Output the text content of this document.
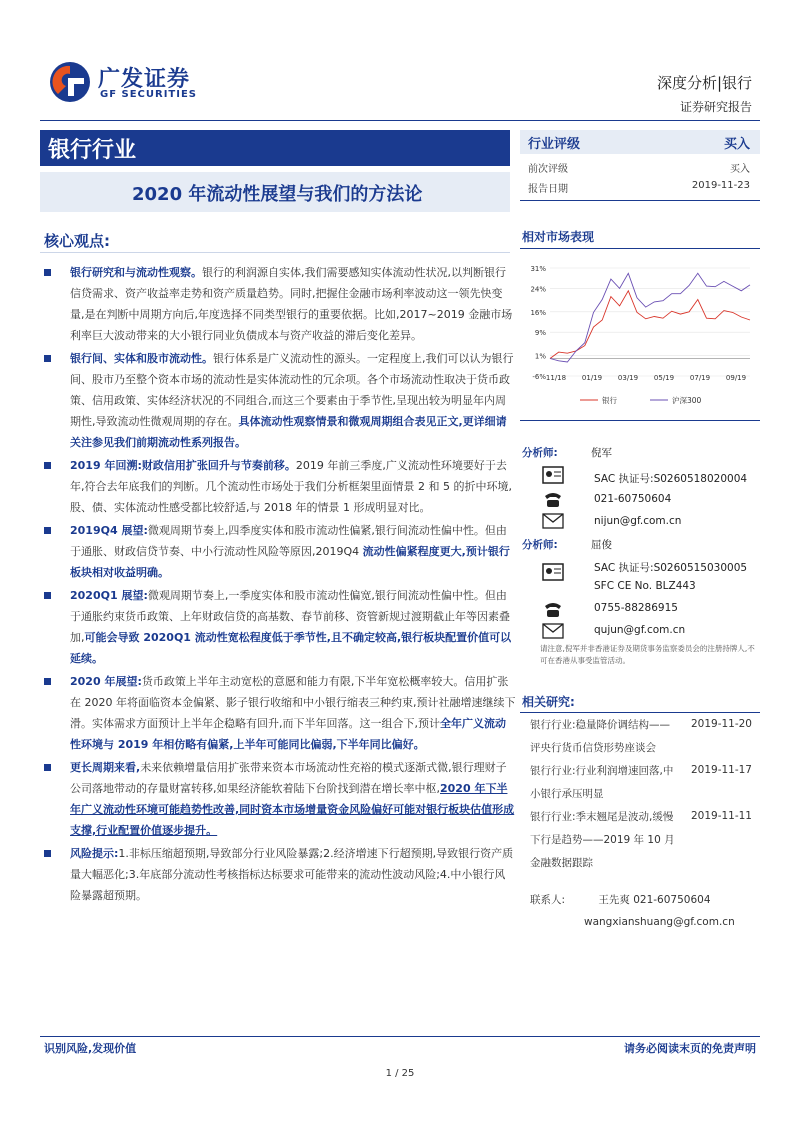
广发证券
GF SECURITIES
深度分析|银行
证券研究报告
银行行业
2020 年流动性展望与我们的方法论
行业评级	买入
前次评级	买入
报告日期	2019-11-23
核心观点:
银行研究和与流动性观察。银行的利润源自实体,我们需要感知实体流动性状况,以判断银行信贷需求、资产收益率走势和资产质量趋势。同时,把握住金融市场利率波动这一领先快变量,是在判断中周期方向后,年度选择不同类型银行的重要依据。比如,2017~2019 金融市场利率巨大波动带来的大小银行同业负债成本与资产收益的滞后变化差异。
银行间、实体和股市流动性。银行体系是广义流动性的源头。一定程度上,我们可以认为银行间、股市乃至整个资本市场的流动性是实体流动性的冗余项。各个市场流动性取决于货币政策、信用政策、实体经济状况的不同组合,而这三个要素由于季节性,呈现出较为明显年内周期性,导致流动性微观周期的存在。具体流动性观察情景和微观周期组合表见正文,更详细请关注参见我们前期流动性系列报告。
2019 年回溯:财政信用扩张回升与节奏前移。2019 年前三季度,广义流动性环境要好于去年,符合去年底我们的判断。几个流动性市场处于我们分析框架里面情景 2 和 5 的折中环境,股、债、实体流动性感受都比较舒适,与 2018 年的情景 1 形成明显对比。
2019Q4 展望:微观周期节奏上,四季度实体和股市流动性偏紧,银行间流动性偏中性。但由于通胀、财政信贷节奏、中小行流动性风险等原因,2019Q4 流动性偏紧程度更大,预计银行板块相对收益明确。
2020Q1 展望:微观周期节奏上,一季度实体和股市流动性偏宽,银行间流动性偏中性。但由于通胀约束货币政策、上年财政信贷的高基数、春节前移、资管新规过渡期截止年等因素叠加,可能会导致 2020Q1 流动性宽松程度低于季节性,且不确定较高,银行板块配置价值可以延续。
2020 年展望:货币政策上半年主动宽松的意愿和能力有限,下半年宽松概率较大。信用扩张在 2020 年将面临资本金偏紧、影子银行收缩和中小银行缩表三种约束,预计社融增速继续下滑。实体需求方面预计上半年企稳略有回升,而下半年回落。这一组合下,预计全年广义流动性环境与 2019 年相仿略有偏紧,上半年可能同比偏弱,下半年同比偏好。
更长周期来看,未来依赖增量信用扩张带来资本市场流动性充裕的模式逐渐式微,银行理财子公司落地带动的存量财富转移,如果经济能软着陆下台阶找到潜在增长率中枢,2020 年下半年广义流动性环境可能趋势性改善,同时资本市场增量资金风险偏好可能对银行板块估值形成支撑,行业配置价值逐步提升。
风险提示:1.非标压缩超预期,导致部分行业风险暴露;2.经济增速下行超预期,导致银行资产质量大幅恶化;3.年底部分流动性考核指标达标要求可能带来的流动性波动风险;4.中小银行风险暴露超预期。
相对市场表现
31%
24%
16%
9%
1%
-6% 11/18 01/19 03/19 05/19 07/19 09/19
银行	沪深300
分析师:	倪军
SAC 执证号:S0260518020004
021-60750604
nijun@gf.com.cn
分析师:	屈俊
SAC 执证号:S0260515030005
SFC CE No. BLZ443
0755-88286915
qujun@gf.com.cn
请注意,倪军并非香港证券及期货事务监察委员会的注册持牌人,不可在香港从事受监管活动。
相关研究:
银行行业:稳量降价调结构——评央行货币信贷形势座谈会
2019-11-20
银行行业:行业利润增速回落,中小银行承压明显
2019-11-17
银行行业:季末翘尾是波动,缓慢下行是趋势——2019 年 10 月金融数据跟踪
2019-11-11
联系人:	王先爽 021-60750604
wangxianshuang@gf.com.cn
识别风险,发现价值	请务必阅读末页的免责声明
1 / 25
